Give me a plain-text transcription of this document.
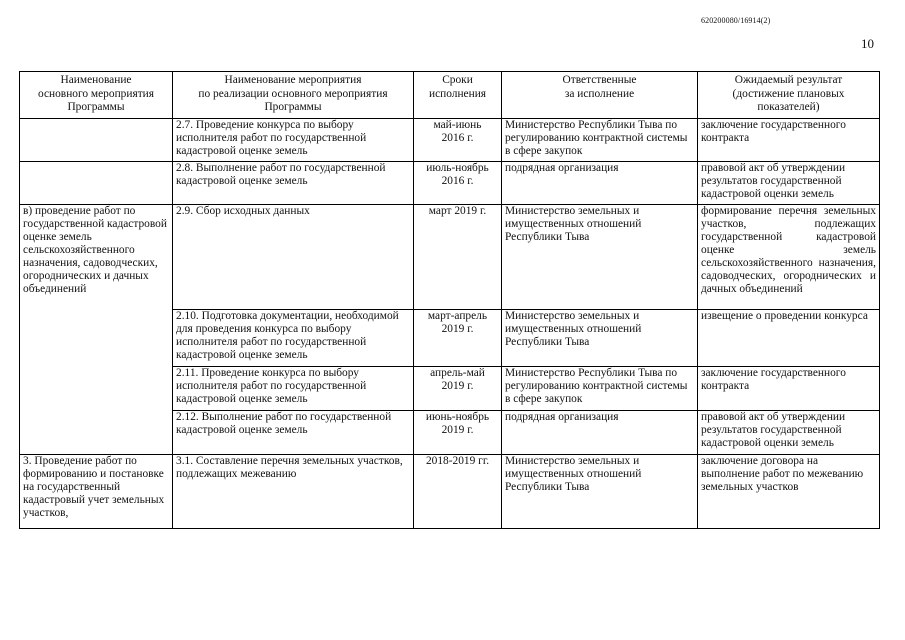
620200080/16914(2)
10
Наименование
основного мероприятия
Программы	Наименование мероприятия
по реализации основного мероприятия
Программы	Сроки
исполнения	Ответственные
за исполнение	Ожидаемый результат
(достижение плановых
показателей)
	2.7. Проведение конкурса по выбору исполнителя работ по государственной кадастровой оценке земель	май-июнь
2016 г.	Министерство Республики Тыва по регулированию контрактной системы в сфере закупок	заключение государственного контракта
	2.8. Выполнение работ по государственной кадастровой оценке земель	июль-ноябрь
2016 г.	подрядная организация	правовой акт об утверждении результатов государственной кадастровой оценки земель
в) проведение работ по государственной кадастровой оценке земель сельскохозяйственного назначения, садоводческих, огороднических и дачных объединений	2.9. Сбор исходных данных	март 2019 г.	Министерство земельных и имущественных отношений Республики Тыва	формирование перечня земельных участков, подлежащих государственной кадастровой оценке земель сельскохозяйственного назначения, садоводческих, огороднических и дачных объединений
	2.10. Подготовка документации, необходимой для проведения конкурса по выбору исполнителя работ по государственной кадастровой оценке земель	март-апрель
2019 г.	Министерство земельных и имущественных отношений Республики Тыва	извещение о проведении конкурса
	2.11. Проведение конкурса по выбору исполнителя работ по государственной кадастровой оценке земель	апрель-май
2019 г.	Министерство Республики Тыва по регулированию контрактной системы в сфере закупок	заключение государственного контракта
	2.12. Выполнение работ по государственной кадастровой оценке земель	июнь-ноябрь
2019 г.	подрядная организация	правовой акт об утверждении результатов государственной кадастровой оценки земель
3. Проведение работ по формированию и постановке на государственный кадастровый учет земельных участков,	3.1. Составление перечня земельных участков, подлежащих межеванию	2018-2019 гг.	Министерство земельных и имущественных отношений Республики Тыва	заключение договора на выполнение работ по межеванию земельных участков
